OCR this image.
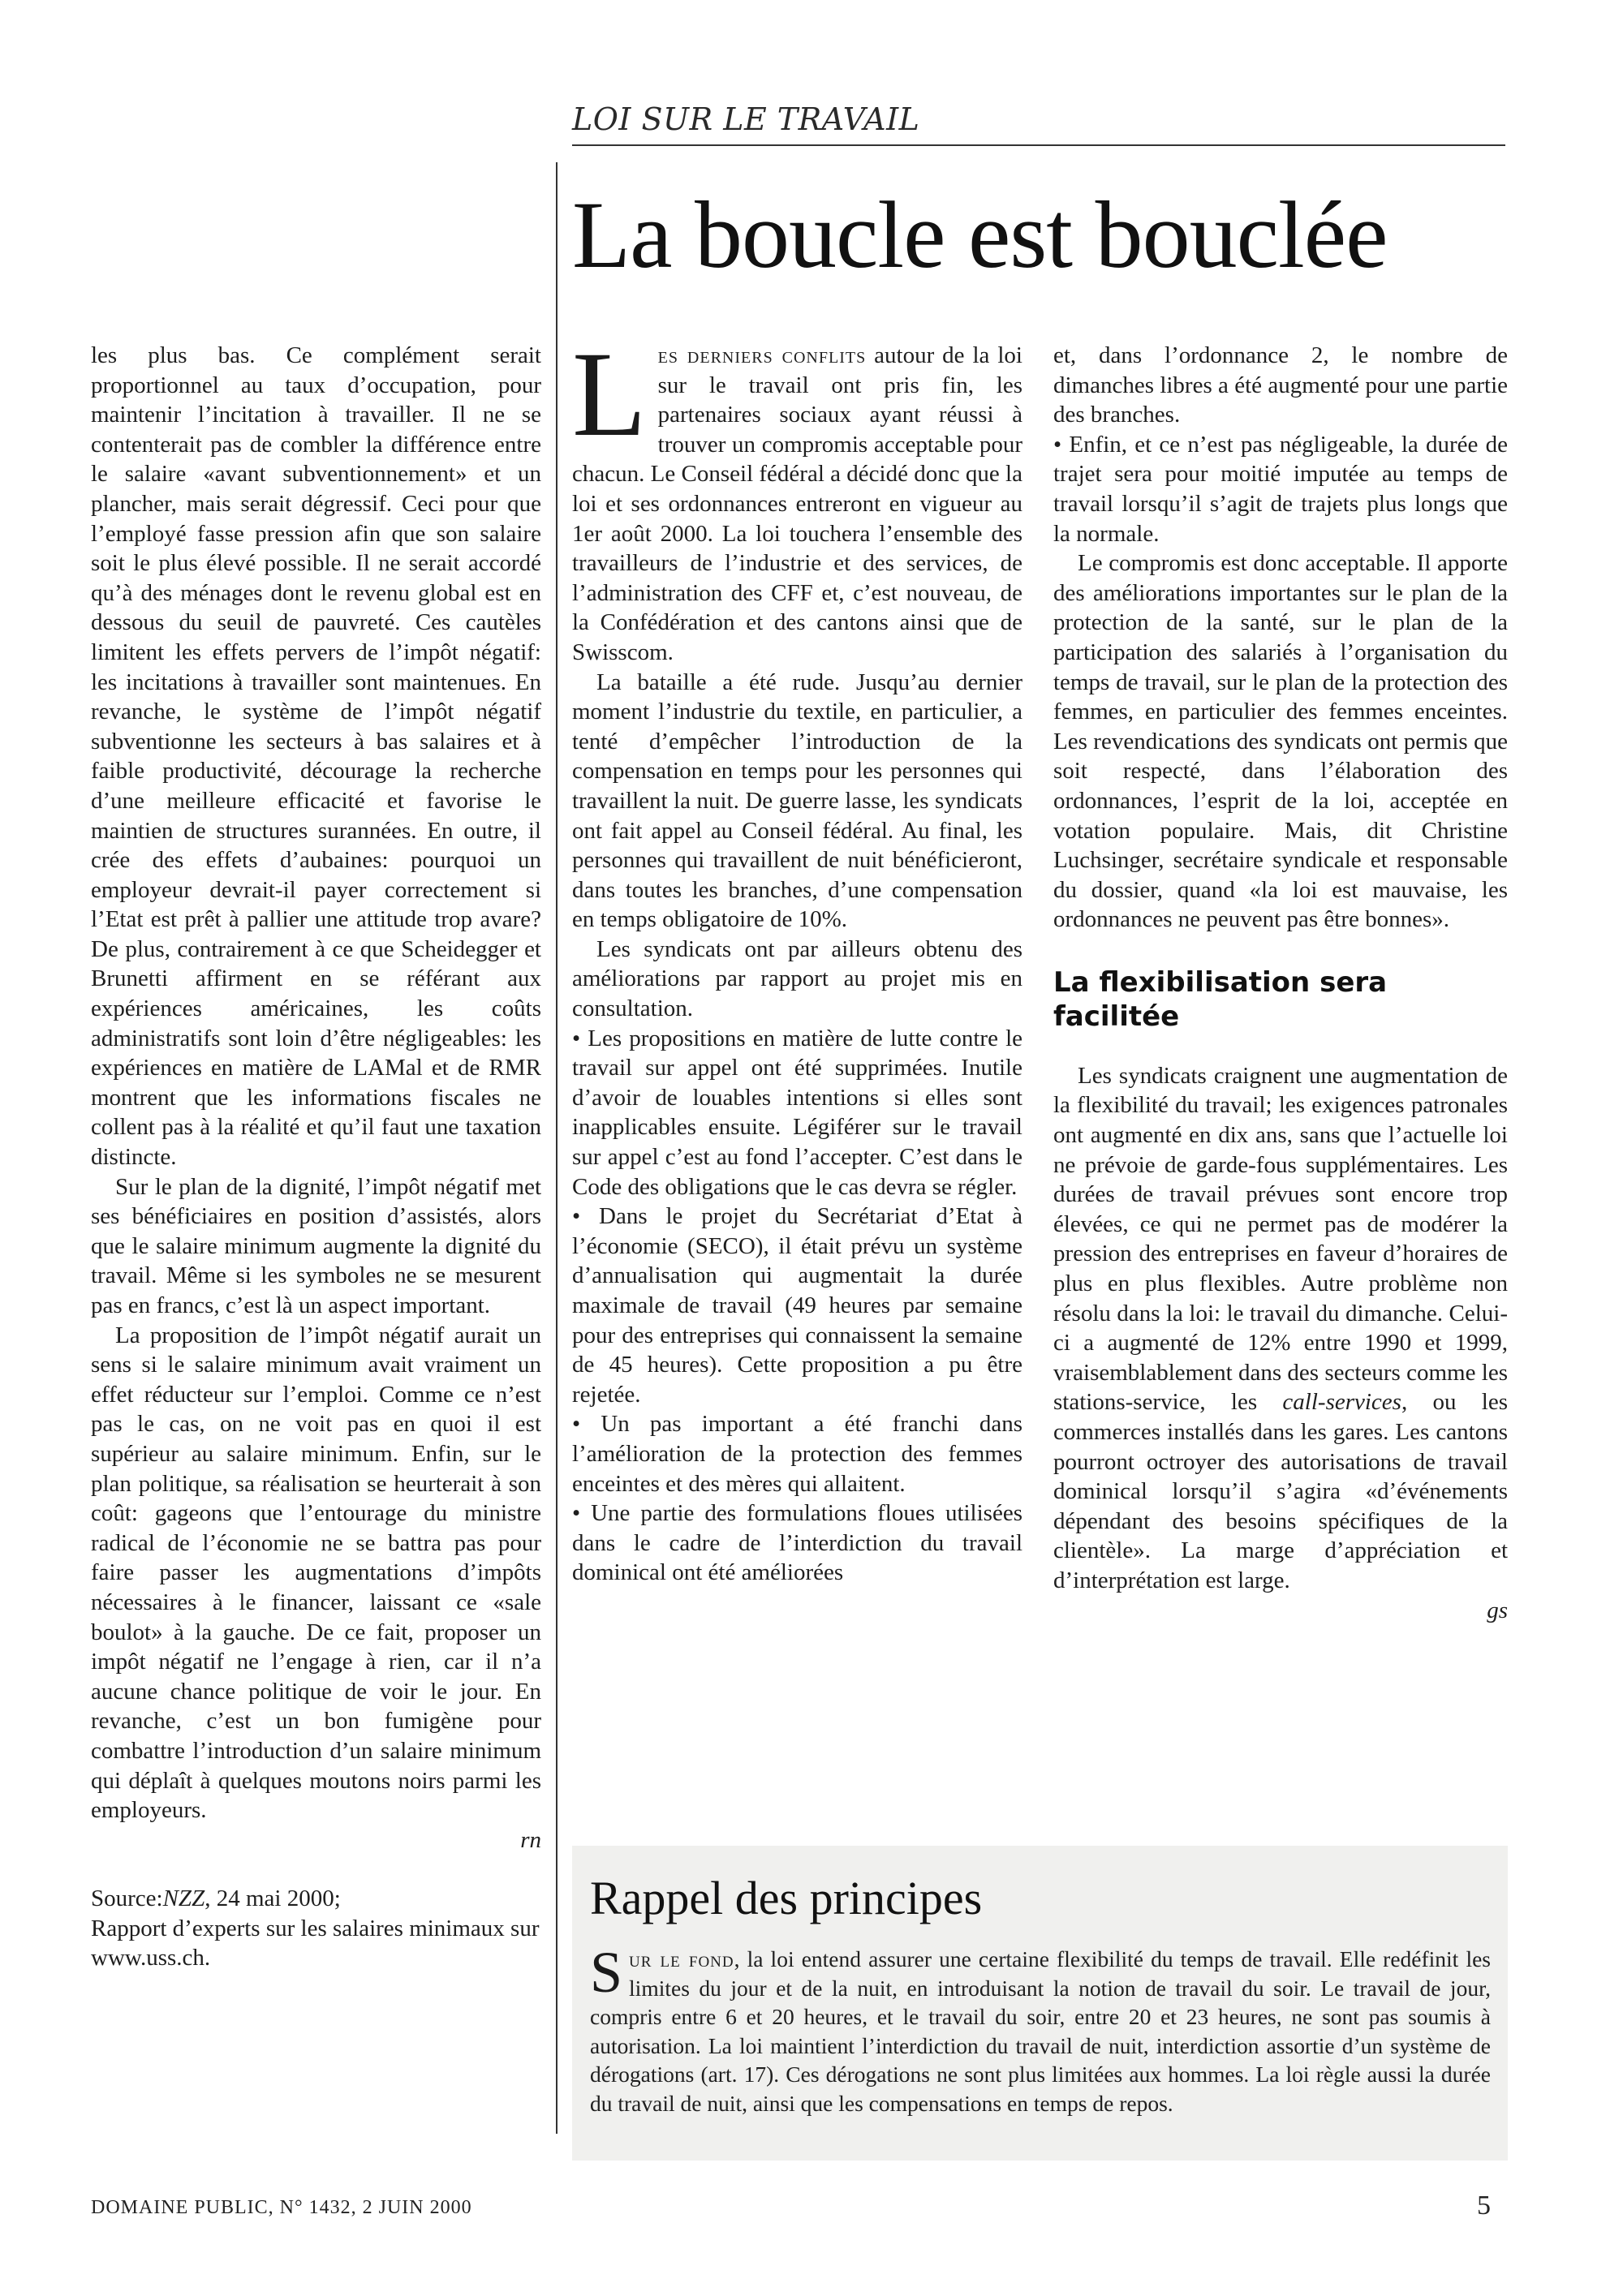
LOI SUR LE TRAVAIL
La boucle est bouclée

les plus bas. Ce complément serait proportionnel au taux d’occupation, pour maintenir l’incitation à travailler. Il ne se contenterait pas de combler la différence entre le salaire «avant subventionnement» et un plancher, mais serait dégressif. Ceci pour que l’employé fasse pression afin que son salaire soit le plus élevé possible. Il ne serait accordé qu’à des ménages dont le revenu global est en dessous du seuil de pauvreté. Ces cautèles limitent les effets pervers de l’impôt négatif: les incitations à travailler sont maintenues. En revanche, le système de l’impôt négatif subventionne les secteurs à bas salaires et à faible productivité, décourage la recherche d’une meilleure efficacité et favorise le maintien de structures surannées. En outre, il crée des effets d’aubaines: pourquoi un employeur devrait-il payer correctement si l’Etat est prêt à pallier une attitude trop avare? De plus, contrairement à ce que Scheidegger et Brunetti affirment en se référant aux expériences américaines, les coûts administratifs sont loin d’être négligeables: les expériences en matière de LAMal et de RMR montrent que les informations fiscales ne collent pas à la réalité et qu’il faut une taxation distincte.

Sur le plan de la dignité, l’impôt négatif met ses bénéficiaires en position d’assistés, alors que le salaire minimum augmente la dignité du travail. Même si les symboles ne se mesurent pas en francs, c’est là un aspect important.

La proposition de l’impôt négatif aurait un sens si le salaire minimum avait vraiment un effet réducteur sur l’emploi. Comme ce n’est pas le cas, on ne voit pas en quoi il est supérieur au salaire minimum. Enfin, sur le plan politique, sa réalisation se heurterait à son coût: gageons que l’entourage du ministre radical de l’économie ne se battra pas pour faire passer les augmentations d’impôts nécessaires à le financer, laissant ce «sale boulot» à la gauche. De ce fait, proposer un impôt négatif ne l’engage à rien, car il n’a aucune chance politique de voir le jour. En revanche, c’est un bon fumigène pour combattre l’introduction d’un salaire minimum qui déplaît à quelques moutons noirs parmi les employeurs.

rn

Source:NZZ, 24 mai 2000;
Rapport d’experts sur les salaires minimaux sur www.uss.ch.

Les derniers conflits autour de la loi sur le travail ont pris fin, les partenaires sociaux ayant réussi à trouver un compromis acceptable pour chacun. Le Conseil fédéral a décidé donc que la loi et ses ordonnances entreront en vigueur au 1er août 2000. La loi touchera l’ensemble des travailleurs de l’industrie et des services, de l’administration des CFF et, c’est nouveau, de la Confédération et des cantons ainsi que de Swisscom.

La bataille a été rude. Jusqu’au dernier moment l’industrie du textile, en particulier, a tenté d’empêcher l’introduction de la compensation en temps pour les personnes qui travaillent la nuit. De guerre lasse, les syndicats ont fait appel au Conseil fédéral. Au final, les personnes qui travaillent de nuit bénéficieront, dans toutes les branches, d’une compensation en temps obligatoire de 10%.

Les syndicats ont par ailleurs obtenu des améliorations par rapport au projet mis en consultation.

• Les propositions en matière de lutte contre le travail sur appel ont été supprimées. Inutile d’avoir de louables intentions si elles sont inapplicables ensuite. Légiférer sur le travail sur appel c’est au fond l’accepter. C’est dans le Code des obligations que le cas devra se régler.

• Dans le projet du Secrétariat d’Etat à l’économie (SECO), il était prévu un système d’annualisation qui augmentait la durée maximale de travail (49 heures par semaine pour des entreprises qui connaissent la semaine de 45 heures). Cette proposition a pu être rejetée.

• Un pas important a été franchi dans l’amélioration de la protection des femmes enceintes et des mères qui allaitent.

• Une partie des formulations floues utilisées dans le cadre de l’interdiction du travail dominical ont été améliorées

et, dans l’ordonnance 2, le nombre de dimanches libres a été augmenté pour une partie des branches.

• Enfin, et ce n’est pas négligeable, la durée de trajet sera pour moitié imputée au temps de travail lorsqu’il s’agit de trajets plus longs que la normale.

Le compromis est donc acceptable. Il apporte des améliorations importantes sur le plan de la protection de la santé, sur le plan de la participation des salariés à l’organisation du temps de travail, sur le plan de la protection des femmes, en particulier des femmes enceintes. Les revendications des syndicats ont permis que soit respecté, dans l’élaboration des ordonnances, l’esprit de la loi, acceptée en votation populaire. Mais, dit Christine Luchsinger, secrétaire syndicale et responsable du dossier, quand «la loi est mauvaise, les ordonnances ne peuvent pas être bonnes».

La flexibilisation sera facilitée

Les syndicats craignent une augmentation de la flexibilité du travail; les exigences patronales ont augmenté en dix ans, sans que l’actuelle loi ne prévoie de garde-fous supplémentaires. Les durées de travail prévues sont encore trop élevées, ce qui ne permet pas de modérer la pression des entreprises en faveur d’horaires de plus en plus flexibles. Autre problème non résolu dans la loi: le travail du dimanche. Celui-ci a augmenté de 12% entre 1990 et 1999, vraisemblablement dans des secteurs comme les stations-service, les call-services, ou les commerces installés dans les gares. Les cantons pourront octroyer des autorisations de travail dominical lorsqu’il s’agira «d’événements dépendant des besoins spécifiques de la clientèle». La marge d’appréciation et d’interprétation est large.

gs

Rappel des principes
Sur le fond, la loi entend assurer une certaine flexibilité du temps de travail. Elle redéfinit les limites du jour et de la nuit, en introduisant la notion de travail du soir. Le travail de jour, compris entre 6 et 20 heures, et le travail du soir, entre 20 et 23 heures, ne sont pas soumis à autorisation. La loi maintient l’interdiction du travail de nuit, interdiction assortie d’un système de dérogations (art. 17). Ces dérogations ne sont plus limitées aux hommes. La loi règle aussi la durée du travail de nuit, ainsi que les compensations en temps de repos.
DOMAINE PUBLIC, N° 1432, 2 JUIN 2000	5
